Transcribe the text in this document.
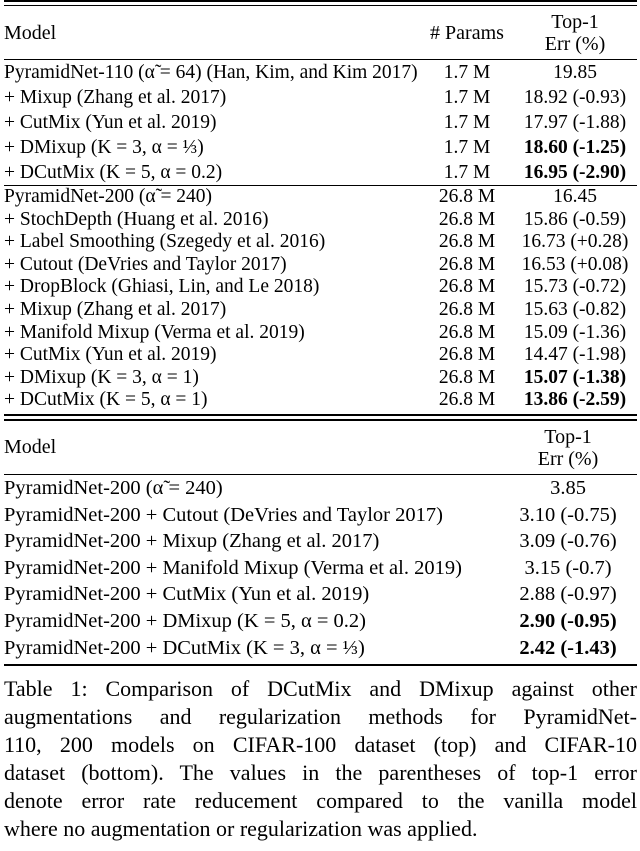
Model	# Params	Top-1
Err (%)
PyramidNet-110 (α̃ = 64) (Han, Kim, and Kim 2017)	1.7 M	19.85
+ Mixup (Zhang et al. 2017)	1.7 M	18.92 (-0.93)
+ CutMix (Yun et al. 2019)	1.7 M	17.97 (-1.88)
+ DMixup (K = 3, α = ⅓)	1.7 M	18.60 (-1.25)
+ DCutMix (K = 5, α = 0.2)	1.7 M	16.95 (-2.90)
PyramidNet-200 (α̃ = 240)	26.8 M	16.45
+ StochDepth (Huang et al. 2016)	26.8 M	15.86 (-0.59)
+ Label Smoothing (Szegedy et al. 2016)	26.8 M	16.73 (+0.28)
+ Cutout (DeVries and Taylor 2017)	26.8 M	16.53 (+0.08)
+ DropBlock (Ghiasi, Lin, and Le 2018)	26.8 M	15.73 (-0.72)
+ Mixup (Zhang et al. 2017)	26.8 M	15.63 (-0.82)
+ Manifold Mixup (Verma et al. 2019)	26.8 M	15.09 (-1.36)
+ CutMix (Yun et al. 2019)	26.8 M	14.47 (-1.98)
+ DMixup (K = 3, α = 1)	26.8 M	15.07 (-1.38)
+ DCutMix (K = 5, α = 1)	26.8 M	13.86 (-2.59)
Model	Top-1
Err (%)
PyramidNet-200 (α̃ = 240)	3.85
PyramidNet-200 + Cutout (DeVries and Taylor 2017)	3.10 (-0.75)
PyramidNet-200 + Mixup (Zhang et al. 2017)	3.09 (-0.76)
PyramidNet-200 + Manifold Mixup (Verma et al. 2019)	3.15 (-0.7)
PyramidNet-200 + CutMix (Yun et al. 2019)	2.88 (-0.97)
PyramidNet-200 + DMixup (K = 5, α = 0.2)	2.90 (-0.95)
PyramidNet-200 + DCutMix (K = 3, α = ⅓)	2.42 (-1.43)
Table 1: Comparison of DCutMix and DMixup against other
augmentations and regularization methods for PyramidNet-
110, 200 models on CIFAR-100 dataset (top) and CIFAR-10
dataset (bottom). The values in the parentheses of top-1 error
denote error rate reducement compared to the vanilla model
where no augmentation or regularization was applied.
